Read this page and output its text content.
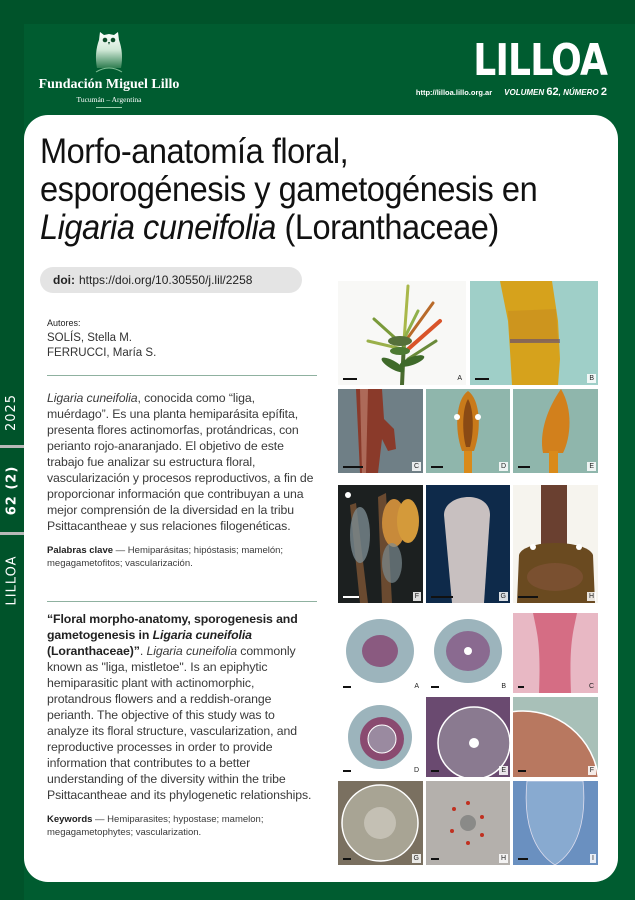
2025
62 (2)
LILLOA
Fundación Miguel Lillo
Tucumán – Argentina
LILLOA
http://lilloa.lillo.org.ar VOLUMEN 62, NÚMERO 2
Morfo-anatomía floral,
esporogénesis y gametogénesis en
Ligaria cuneifolia (Loranthaceae)
doi: https://doi.org/10.30550/j.lil/2258
Autores:
SOLÍS, Stella M.
FERRUCCI, María S.
Ligaria cuneifolia, conocida como “liga, muérdago”. Es una planta hemiparásita epífita, presenta flores actinomorfas, protándricas, con perianto rojo-anaranjado. El objetivo de este trabajo fue analizar su estructura floral, vascularización y procesos reproductivos, a fin de proporcionar información que contribuyan a una mejor comprensión de la diversidad en la tribu Psittacantheae y sus relaciones filogenéticas.
Palabras clave — Hemiparásitas; hipóstasis; mamelón; megagametofitos; vascularización.
“Floral morpho-anatomy, sporogenesis and gametogenesis in Ligaria cuneifolia (Loranthaceae)”. Ligaria cuneifolia commonly known as "liga, mistletoe". Is an epiphytic hemiparasitic plant with actinomorphic, protandrous flowers and a reddish-orange perianth. The objective of this study was to analyze its floral structure, vascularization, and reproductive processes in order to provide information that contributes to a better understanding of the diversity within the tribe Psittacantheae and its phylogenetic relationships.
Keywords — Hemiparasites; hypostase; mamelon; megagametophytes; vascularization.
A	B
C	D	E
F	G	H
A	B	C
D	E	F
G	H	I
